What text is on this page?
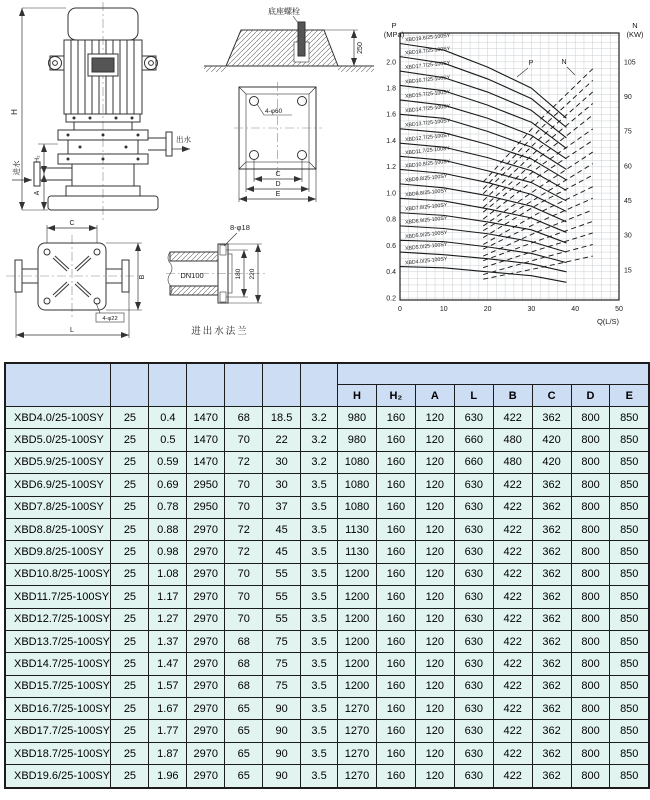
出水
进水
H
H₂
A
底座螺栓
250
4-φ60
C
D
E
C
B
L
4-φ22
8-φ18
DN100	180 220
进出水法兰
P
(MPa)
N
(KW)
0.2
0.4
0.6
0.8
1.0
1.2
1.4
1.6
1.8
2.0
15
30
45
60
75
90
105
0	10	20	30	40	50
Q(L/S)
XBD19.6/25-100SY
XBD18.7/25-100SY
XBD17.7/25-100SY
XBD16.7/25-100SY
XBD15.7/25-100SY
XBD14.7/25-100SY
XBD13.7/25-100SY
XBD12.7/25-100SY
XBD11.7/25-100SY
XBD10.8/25-100SY
XBD9.8/25-100SY
XBD8.8/25-100SY
XBD7.8/25-100SY
XBD6.9/25-100SY
XBD5.9/25-100SY
XBD5.0/25-100SY
XBD4.0/25-100SY
P	N

							H	H₂	A	L	B	C	D	E
XBD4.0/25-100SY	25	0.4	1470	68	18.5	3.2	980	160	120	630	422	362	800	850
XBD5.0/25-100SY	25	0.5	1470	70	22	3.2	980	160	120	660	480	420	800	850
XBD5.9/25-100SY	25	0.59	1470	72	30	3.2	1080	160	120	660	480	420	800	850
XBD6.9/25-100SY	25	0.69	2950	70	30	3.5	1080	160	120	630	422	362	800	850
XBD7.8/25-100SY	25	0.78	2950	70	37	3.5	1080	160	120	630	422	362	800	850
XBD8.8/25-100SY	25	0.88	2970	72	45	3.5	1130	160	120	630	422	362	800	850
XBD9.8/25-100SY	25	0.98	2970	72	45	3.5	1130	160	120	630	422	362	800	850
XBD10.8/25-100SY	25	1.08	2970	70	55	3.5	1200	160	120	630	422	362	800	850
XBD11.7/25-100SY	25	1.17	2970	70	55	3.5	1200	160	120	630	422	362	800	850
XBD12.7/25-100SY	25	1.27	2970	70	55	3.5	1200	160	120	630	422	362	800	850
XBD13.7/25-100SY	25	1.37	2970	68	75	3.5	1200	160	120	630	422	362	800	850
XBD14.7/25-100SY	25	1.47	2970	68	75	3.5	1200	160	120	630	422	362	800	850
XBD15.7/25-100SY	25	1.57	2970	68	75	3.5	1200	160	120	630	422	362	800	850
XBD16.7/25-100SY	25	1.67	2970	65	90	3.5	1270	160	120	630	422	362	800	850
XBD17.7/25-100SY	25	1.77	2970	65	90	3.5	1270	160	120	630	422	362	800	850
XBD18.7/25-100SY	25	1.87	2970	65	90	3.5	1270	160	120	630	422	362	800	850
XBD19.6/25-100SY	25	1.96	2970	65	90	3.5	1270	160	120	630	422	362	800	850
